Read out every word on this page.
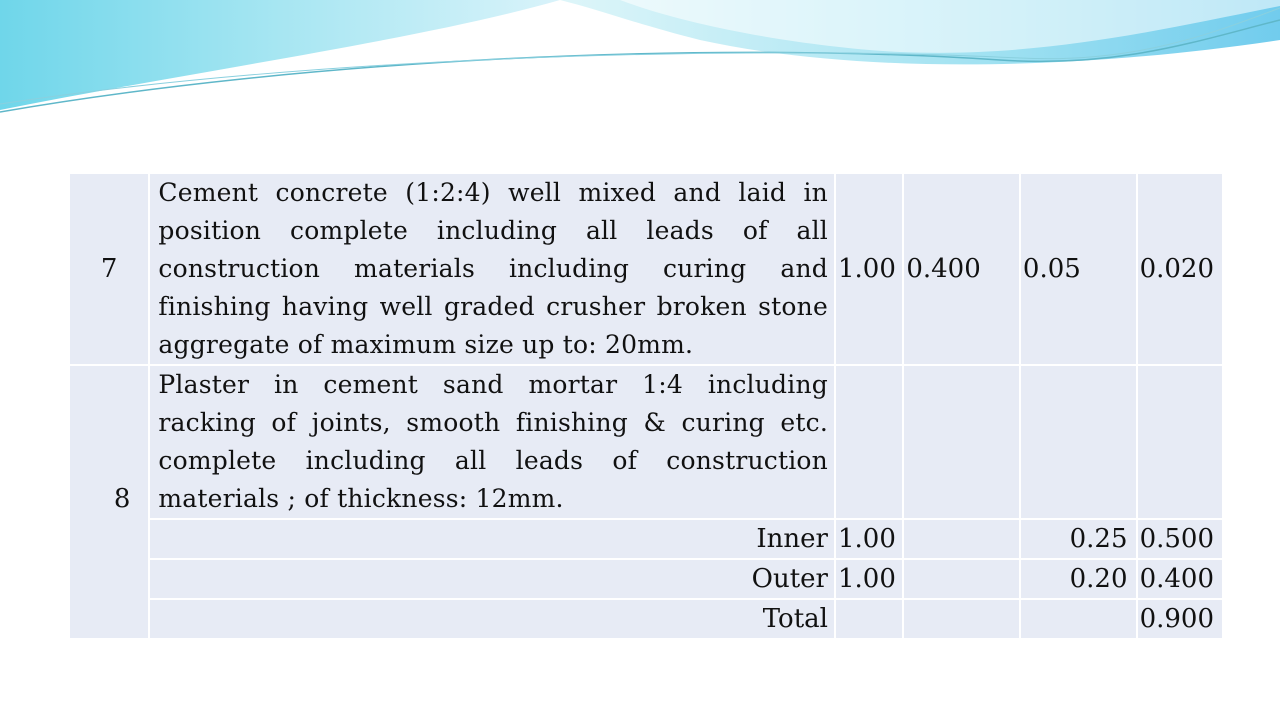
7	Cement concrete (1:2:4) well mixed and laid in position complete including all leads of all construction materials including curing and finishing having well graded crusher broken stone aggregate of maximum size up to: 20mm.	1.00	0.400	0.05	0.020
8	Plaster in cement sand mortar 1:4 including racking of joints, smooth finishing & curing etc. complete including all leads of construction materials ; of thickness: 12mm.				
	Inner	1.00		0.25	0.500
	Outer	1.00		0.20	0.400
	Total				0.900
